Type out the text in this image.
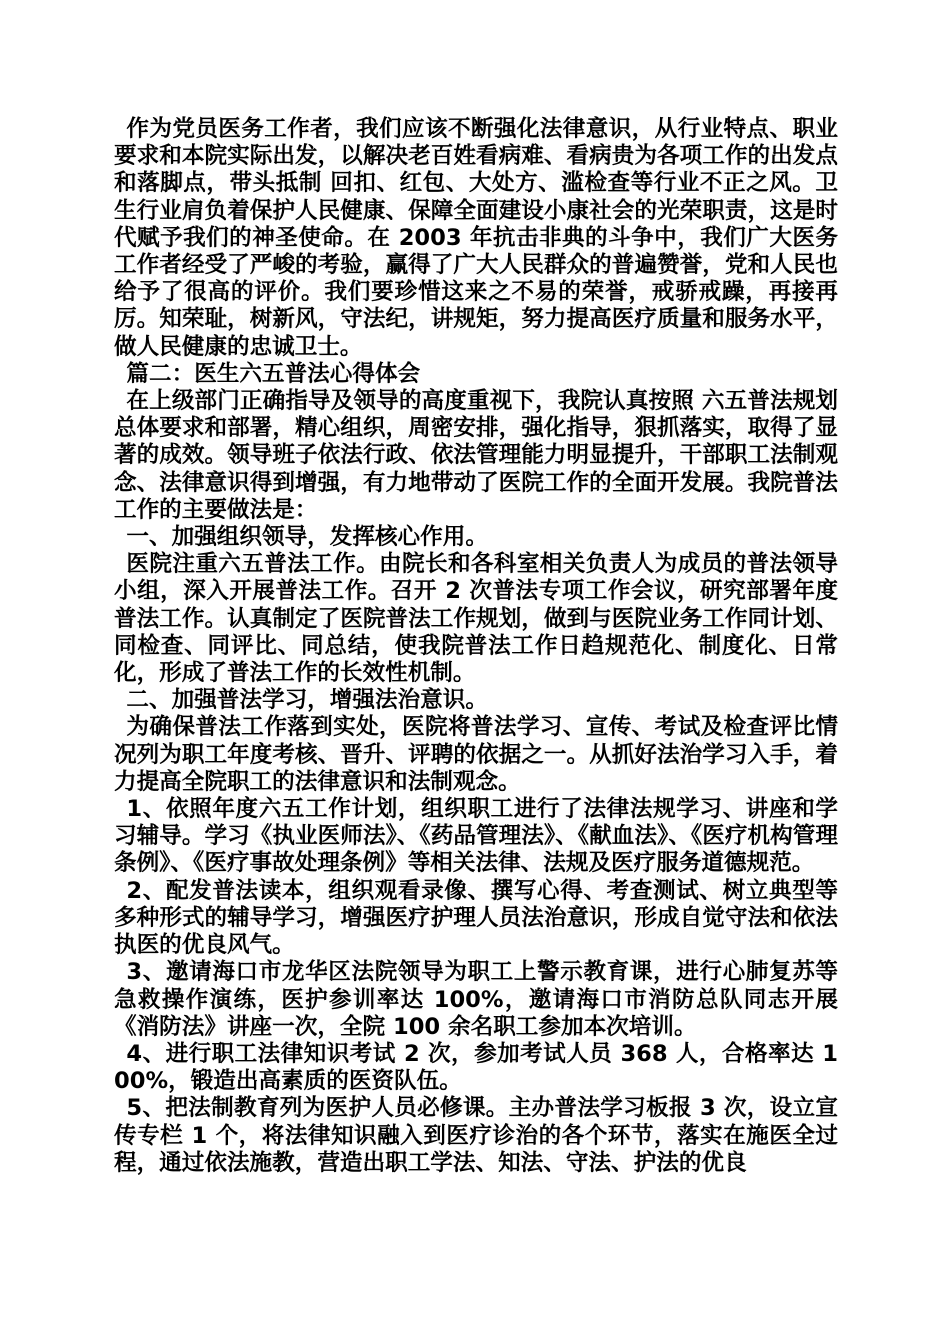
作为党员医务工作者，我们应该不断强化法律意识，从行业特点、职业要求和本院实际出发，以解决老百姓看病难、看病贵为各项工作的出发点和落脚点，带头抵制 回扣、红包、大处方、滥检查等行业不正之风。卫生行业肩负着保护人民健康、保障全面建设小康社会的光荣职责，这是时代赋予我们的神圣使命。在 2003 年抗击非典的斗争中，我们广大医务工作者经受了严峻的考验，赢得了广大人民群众的普遍赞誉，党和人民也给予了很高的评价。我们要珍惜这来之不易的荣誉，戒骄戒躁，再接再厉。知荣耻，树新风，守法纪，讲规矩，努力提高医疗质量和服务水平，做人民健康的忠诚卫士。

篇二：医生六五普法心得体会

在上级部门正确指导及领导的高度重视下，我院认真按照 六五普法规划总体要求和部署，精心组织，周密安排，强化指导，狠抓落实，取得了显著的成效。领导班子依法行政、依法管理能力明显提升，干部职工法制观念、法律意识得到增强，有力地带动了医院工作的全面开发展。我院普法工作的主要做法是：

一、加强组织领导，发挥核心作用。

医院注重六五普法工作。由院长和各科室相关负责人为成员的普法领导小组，深入开展普法工作。召开 2 次普法专项工作会议，研究部署年度普法工作。认真制定了医院普法工作规划，做到与医院业务工作同计划、同检查、同评比、同总结，使我院普法工作日趋规范化、制度化、日常化，形成了普法工作的长效性机制。

二、加强普法学习，增强法治意识。

为确保普法工作落到实处，医院将普法学习、宣传、考试及检查评比情况列为职工年度考核、晋升、评聘的依据之一。从抓好法治学习入手，着力提高全院职工的法律意识和法制观念。

1、依照年度六五工作计划，组织职工进行了法律法规学习、讲座和学习辅导。学习《执业医师法》、《药品管理法》、《献血法》、《医疗机构管理条例》、《医疗事故处理条例》等相关法律、法规及医疗服务道德规范。

2、配发普法读本，组织观看录像、撰写心得、考查测试、树立典型等多种形式的辅导学习，增强医疗护理人员法治意识，形成自觉守法和依法执医的优良风气。

3、邀请海口市龙华区法院领导为职工上警示教育课，进行心肺复苏等急救操作演练，医护参训率达 100%，邀请海口市消防总队同志开展《消防法》讲座一次，全院 100 余名职工参加本次培训。

4、进行职工法律知识考试 2 次，参加考试人员 368 人，合格率达 100%，锻造出高素质的医资队伍。

5、把法制教育列为医护人员必修课。主办普法学习板报 3 次，设立宣传专栏 1 个，将法律知识融入到医疗诊治的各个环节，落实在施医全过程，通过依法施教，营造出职工学法、知法、守法、护法的优良
